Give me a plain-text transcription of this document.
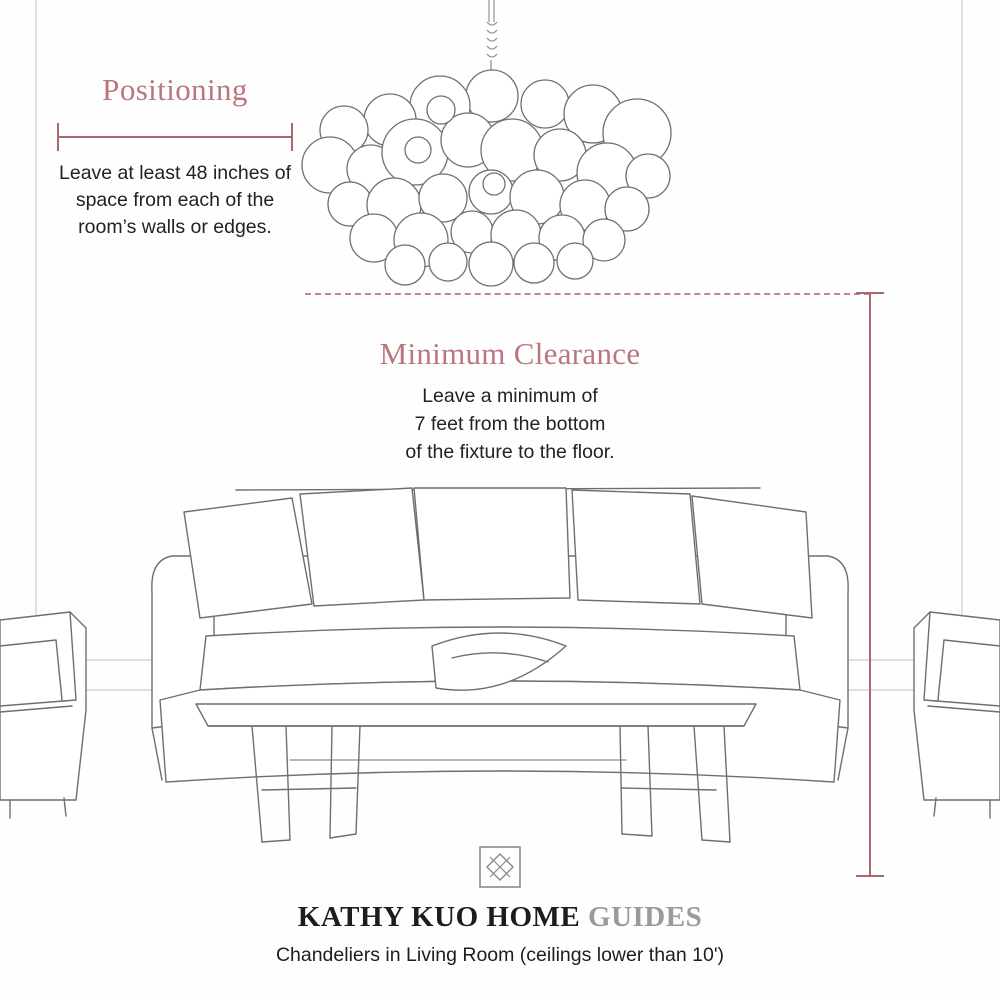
Positioning
Leave at least 48 inches of space from each of the room’s walls or edges.
Minimum Clearance
Leave a minimum of
7 feet from the bottom
of the fixture to the floor.
KATHY KUO HOME GUIDES
Chandeliers in Living Room (ceilings lower than 10')
